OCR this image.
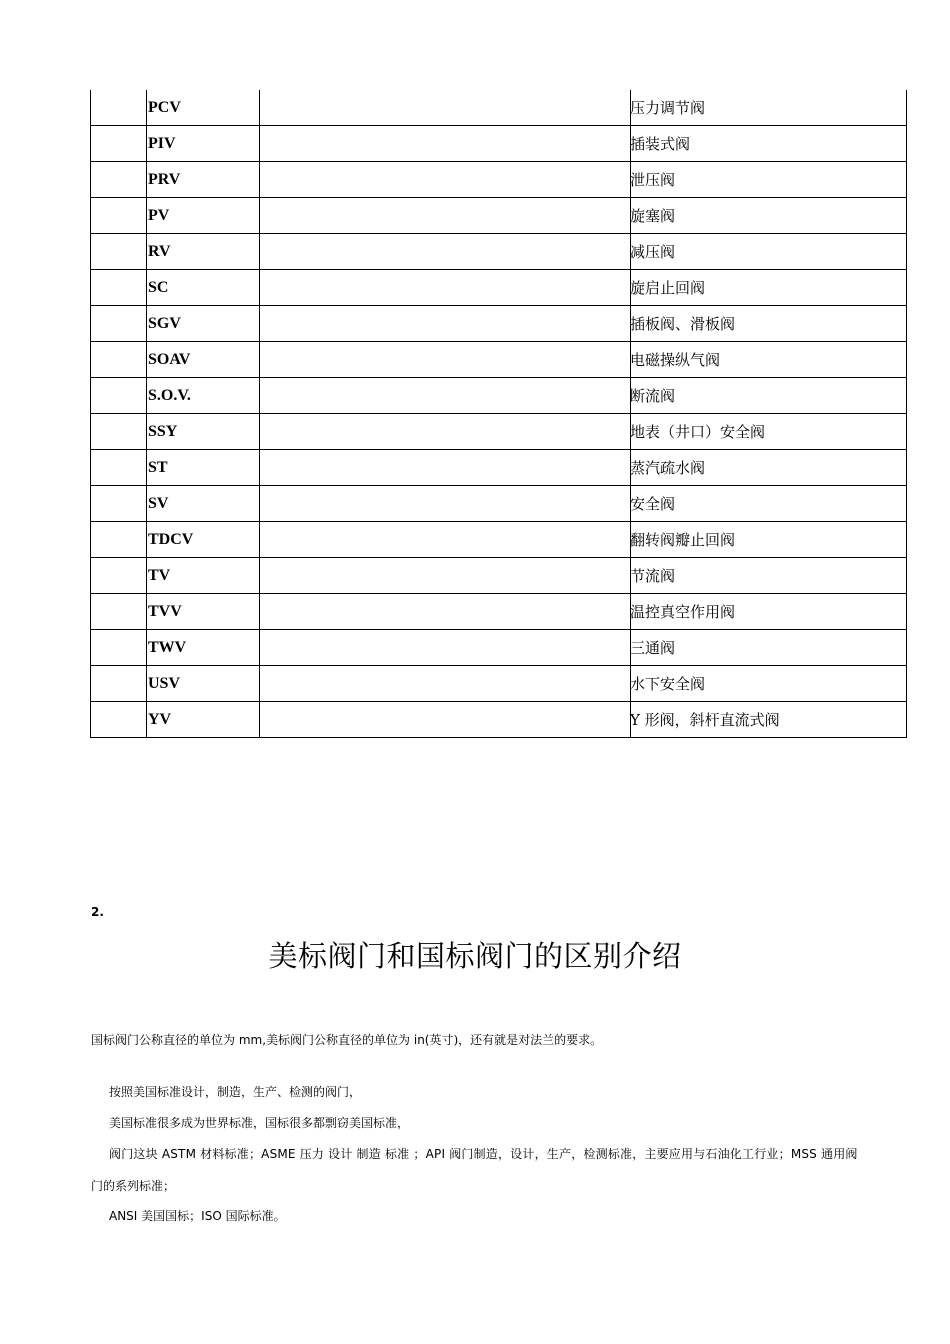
	PCV		压力调节阀
	PIV		插装式阀
	PRV		泄压阀
	PV		旋塞阀
	RV		减压阀
	SC		旋启止回阀
	SGV		插板阀、滑板阀
	SOAV		电磁操纵气阀
	S.O.V.		断流阀
	SSY		地表（井口）安全阀
	ST		蒸汽疏水阀
	SV		安全阀
	TDCV		翻转阀瓣止回阀
	TV		节流阀
	TVV		温控真空作用阀
	TWV		三通阀
	USV		水下安全阀
	YV		Y 形阀，斜杆直流式阀
2.
美标阀门和国标阀门的区别介绍
国标阀门公称直径的单位为 mm,美标阀门公称直径的单位为 in(英寸)，还有就是对法兰的要求。
按照美国标准设计，制造，生产、检测的阀门，
美国标准很多成为世界标准，国标很多都剽窃美国标准，
阀门这块 ASTM 材料标准；ASME 压力 设计 制造 标准 ；API 阀门制造，设计，生产，检测标准，主要应用与石油化工行业；MSS 通用阀
门的系列标准；
ANSI 美国国标；ISO 国际标准。
